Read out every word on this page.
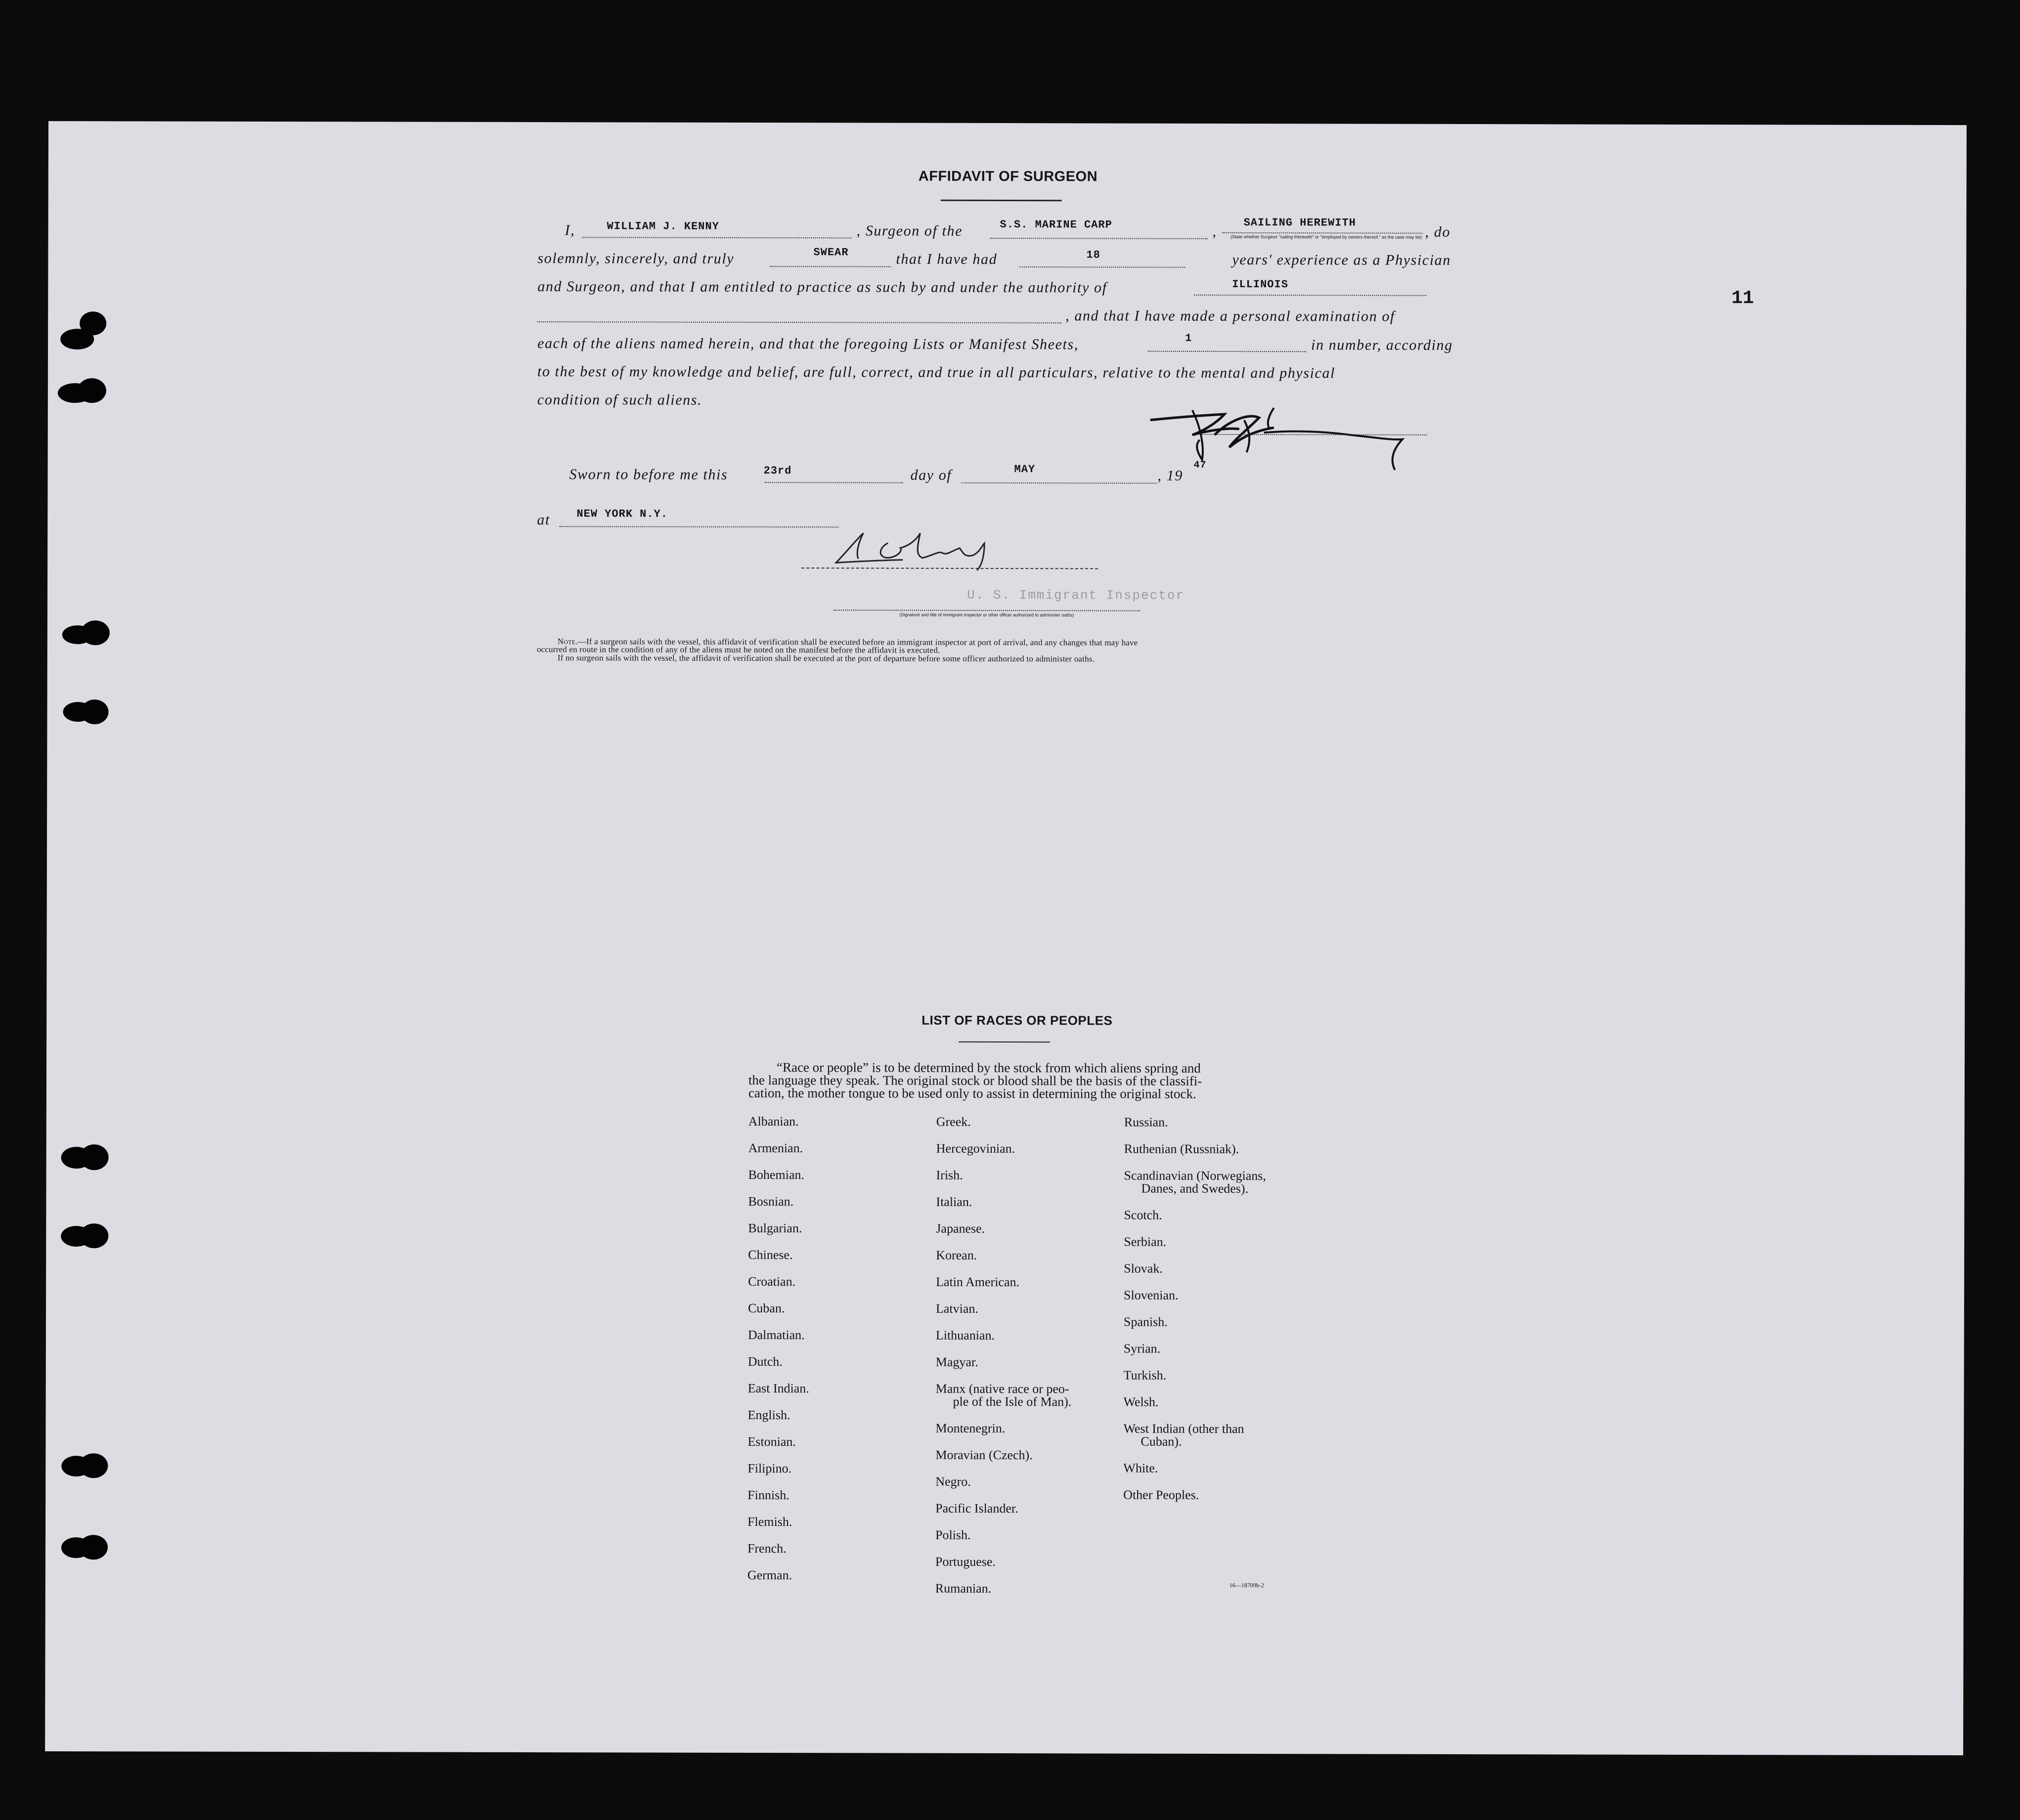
11
AFFIDAVIT OF SURGEON
I,	WILLIAM J. KENNY	, Surgeon of the	S.S. MARINE CARP	,
SAILING HEREWITH
(State whether Surgeon "sailing therewith" or "employed by owners thereof," as the case may be) , do
solemnly, sincerely, and truly	SWEAR	that I have had	18	years' experience as a Physician
and Surgeon, and that I am entitled to practice as such by and under the authority of	ILLINOIS
, and that I have made a personal examination of
each of the aliens named herein, and that the foregoing Lists or Manifest Sheets,	1	in number, according
to the best of my knowledge and belief, are full, correct, and true in all particulars, relative to the mental and physical
condition of such aliens.
Sworn to before me this	23rd	day of	MAY	, 19
47
at NEW YORK N.Y.
U. S. Immigrant Inspector
(Signature and title of immigrant inspector or other officer authorized to administer oaths)
Note.—If a surgeon sails with the vessel, this affidavit of verification shall be executed before an immigrant inspector at port of arrival, and any changes that may have
occurred en route in the condition of any of the aliens must be noted on the manifest before the affidavit is executed.
If no surgeon sails with the vessel, the affidavit of verification shall be executed at the port of departure before some officer authorized to administer oaths.
LIST OF RACES OR PEOPLES
“Race or people” is to be determined by the stock from which aliens spring and
the language they speak. The original stock or blood shall be the basis of the classifi-
cation, the mother tongue to be used only to assist in determining the original stock.
Albanian.
Armenian.
Bohemian.
Bosnian.
Bulgarian.
Chinese.
Croatian.
Cuban.
Dalmatian.
Dutch.
East Indian.
English.
Estonian.
Filipino.
Finnish.
Flemish.
French.
German.
Greek.
Hercegovinian.
Irish.
Italian.
Japanese.
Korean.
Latin American.
Latvian.
Lithuanian.
Magyar.
Manx (native race or peo-
ple of the Isle of Man).
Montenegrin.
Moravian (Czech).
Negro.
Pacific Islander.
Polish.
Portuguese.
Rumanian.
Russian.
Ruthenian (Russniak).
Scandinavian (Norwegians,
Danes, and Swedes).
Scotch.
Serbian.
Slovak.
Slovenian.
Spanish.
Syrian.
Turkish.
Welsh.
West Indian (other than
Cuban).
White.
Other Peoples.
16—18709b-2
